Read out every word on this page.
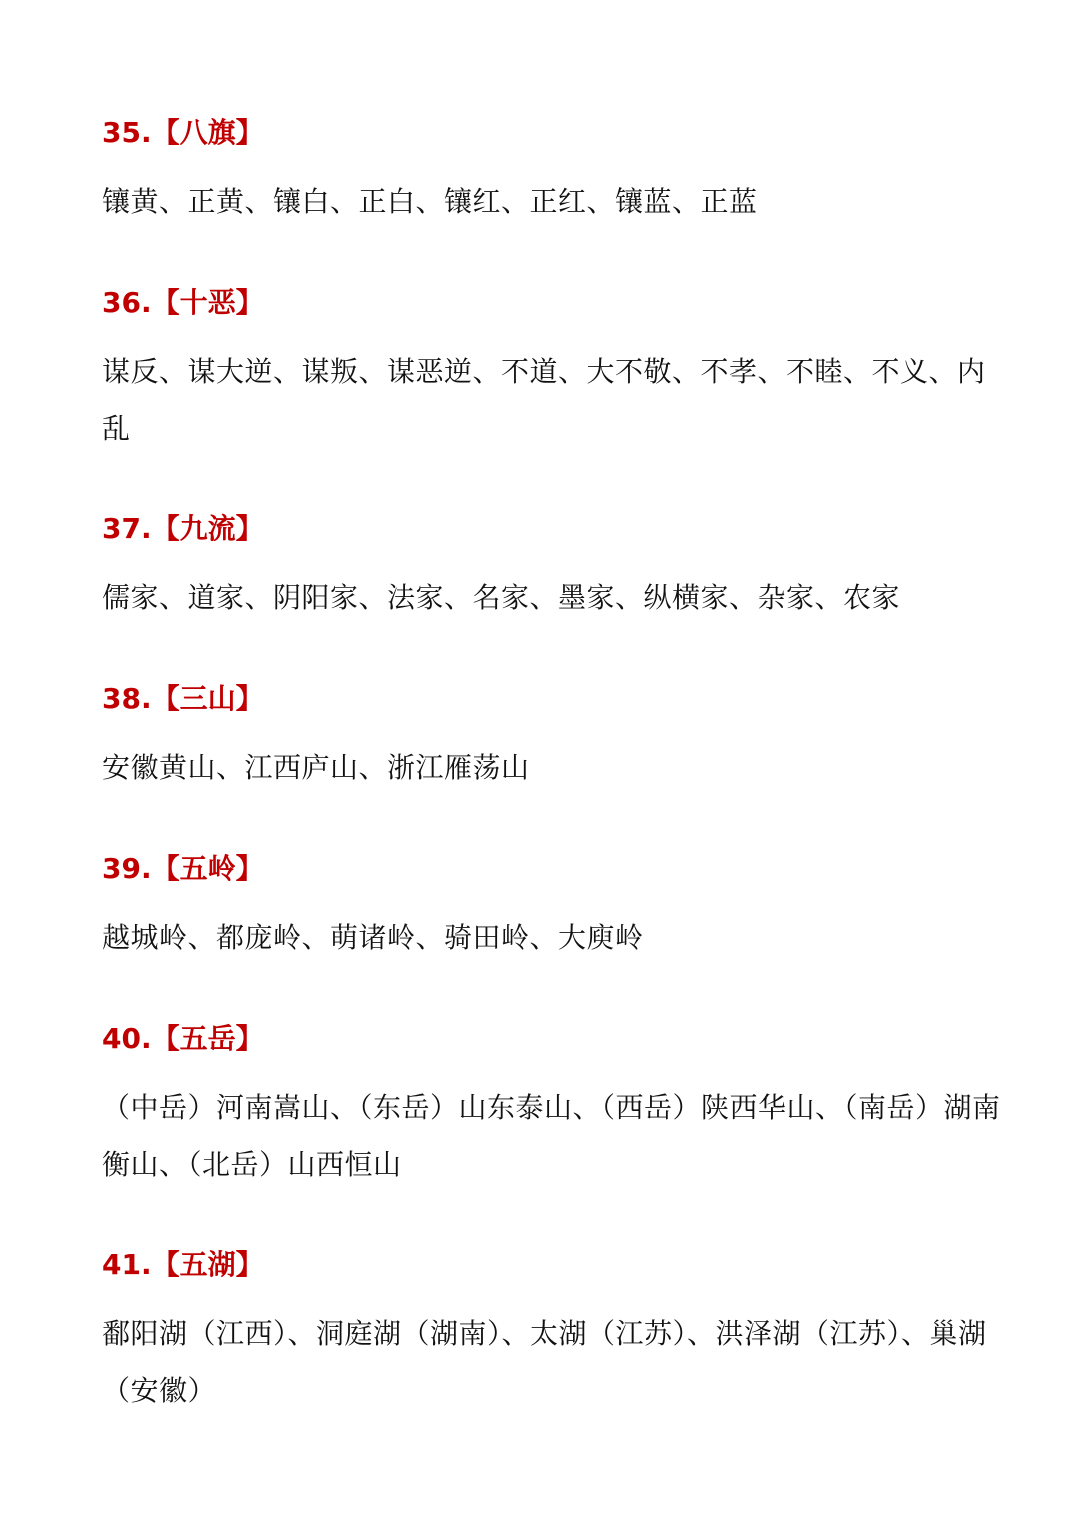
35.【八旗】

镶黄、正黄、镶白、正白、镶红、正红、镶蓝、正蓝

36.【十恶】

谋反、谋大逆、谋叛、谋恶逆、不道、大不敬、不孝、不睦、不义、内乱

37.【九流】

儒家、道家、阴阳家、法家、名家、墨家、纵横家、杂家、农家

38.【三山】

安徽黄山、江西庐山、浙江雁荡山

39.【五岭】

越城岭、都庞岭、萌诸岭、骑田岭、大庾岭

40.【五岳】

（中岳）河南嵩山、（东岳）山东泰山、（西岳）陕西华山、（南岳）湖南衡山、（北岳）山西恒山

41.【五湖】

鄱阳湖（江西）、洞庭湖（湖南）、太湖（江苏）、洪泽湖（江苏）、巢湖（安徽）
